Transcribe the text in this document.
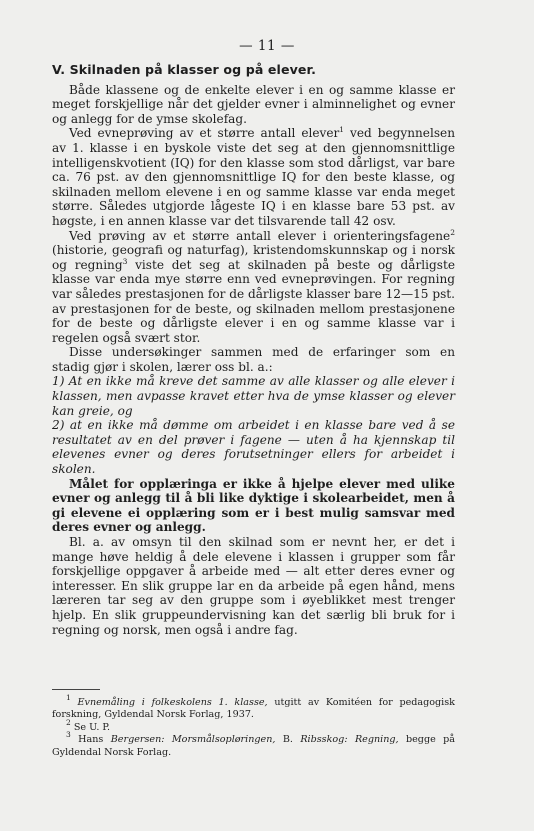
— 11 —
V. Skilnaden på klasser og på elever.

Både klassene og de enkelte elever i en og samme klasse er meget forskjellige når det gjelder evner i alminnelighet og evner og anlegg for de ymse skolefag.

Ved evneprøving av et større antall elever$^1$ ved begynnelsen av 1. klasse i en byskole viste det seg at den gjennomsnittlige intelligenskvotient (IQ) for den klasse som stod dårligst, var bare ca. 76 pst. av den gjennomsnittlige IQ for den beste klasse, og skilnaden mellom elevene i en og samme klasse var enda meget større. Således utgjorde lågeste IQ i en klasse bare 53 pst. av høgste, i en annen klasse var det tilsvarende tall 42 osv.

Ved prøving av et større antall elever i orienteringsfagene$^2$ (historie, geografi og naturfag), kristendomskunnskap og i norsk og regning$^3$ viste det seg at skilnaden på beste og dårligste klasse var enda mye større enn ved evneprøvingen. For regning var således prestasjonen for de dårligste klasser bare 12—15 pst. av prestasjonen for de beste, og skilnaden mellom prestasjonene for de beste og dårligste elever i en og samme klasse var i regelen også svært stor.

Disse undersøkinger sammen med de erfaringer som en stadig gjør i skolen, lærer oss bl. a.:

1) At en ikke må kreve det samme av alle klasser og alle elever i klassen, men avpasse kravet etter hva de ymse klasser og elever kan greie, og

2) at en ikke må dømme om arbeidet i en klasse bare ved å se resultatet av en del prøver i fagene — uten å ha kjennskap til elevenes evner og deres forutsetninger ellers for arbeidet i skolen.

Målet for opplæringa er ikke å hjelpe elever med ulike evner og anlegg til å bli like dyktige i skolearbeidet, men å gi elevene ei opplæring som er i best mulig samsvar med deres evner og anlegg.

Bl. a. av omsyn til den skilnad som er nevnt her, er det i mange høve heldig å dele elevene i klassen i grupper som får forskjellige oppgaver å arbeide med — alt etter deres evner og interesser. En slik gruppe lar en da arbeide på egen hånd, mens læreren tar seg av den gruppe som i øyeblikket mest trenger hjelp. En slik gruppeundervisning kan det særlig bli bruk for i regning og norsk, men også i andre fag.

$^1$ Evnemåling i folkeskolens 1. klasse, utgitt av Komitéen for pedagogisk forskning, Gyldendal Norsk Forlag, 1937.

$^2$ Se U. P.

$^3$ Hans Bergersen: Morsmålsopløringen, B. Ribsskog: Regning, begge på Gyldendal Norsk Forlag.
